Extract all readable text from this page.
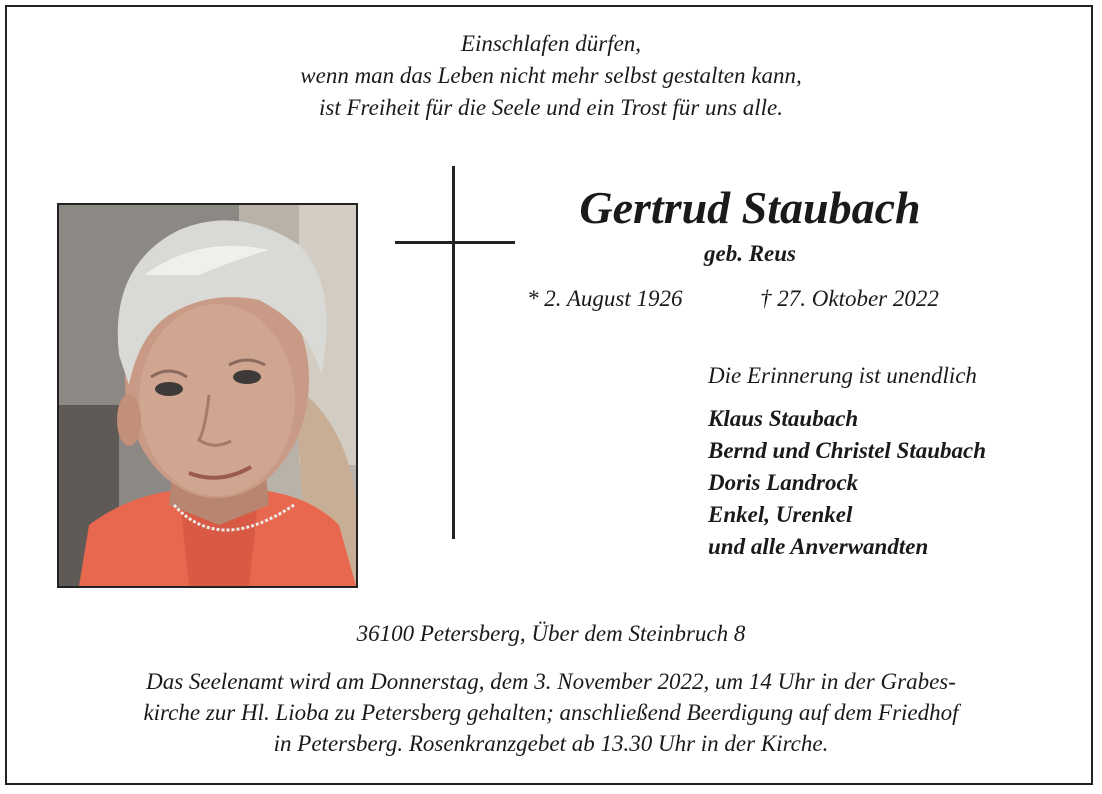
Einschlafen dürfen,
wenn man das Leben nicht mehr selbst gestalten kann,
ist Freiheit für die Seele und ein Trost für uns alle.
Gertrud Staubach
geb. Reus
* 2. August 1926	† 27. Oktober 2022
Die Erinnerung ist unendlich
Klaus Staubach
Bernd und Christel Staubach
Doris Landrock
Enkel, Urenkel
und alle Anverwandten
36100 Petersberg, Über dem Steinbruch 8
Das Seelenamt wird am Donnerstag, dem 3. November 2022, um 14 Uhr in der Grabes-
kirche zur Hl. Lioba zu Petersberg gehalten; anschließend Beerdigung auf dem Friedhof
in Petersberg. Rosenkranzgebet ab 13.30 Uhr in der Kirche.
